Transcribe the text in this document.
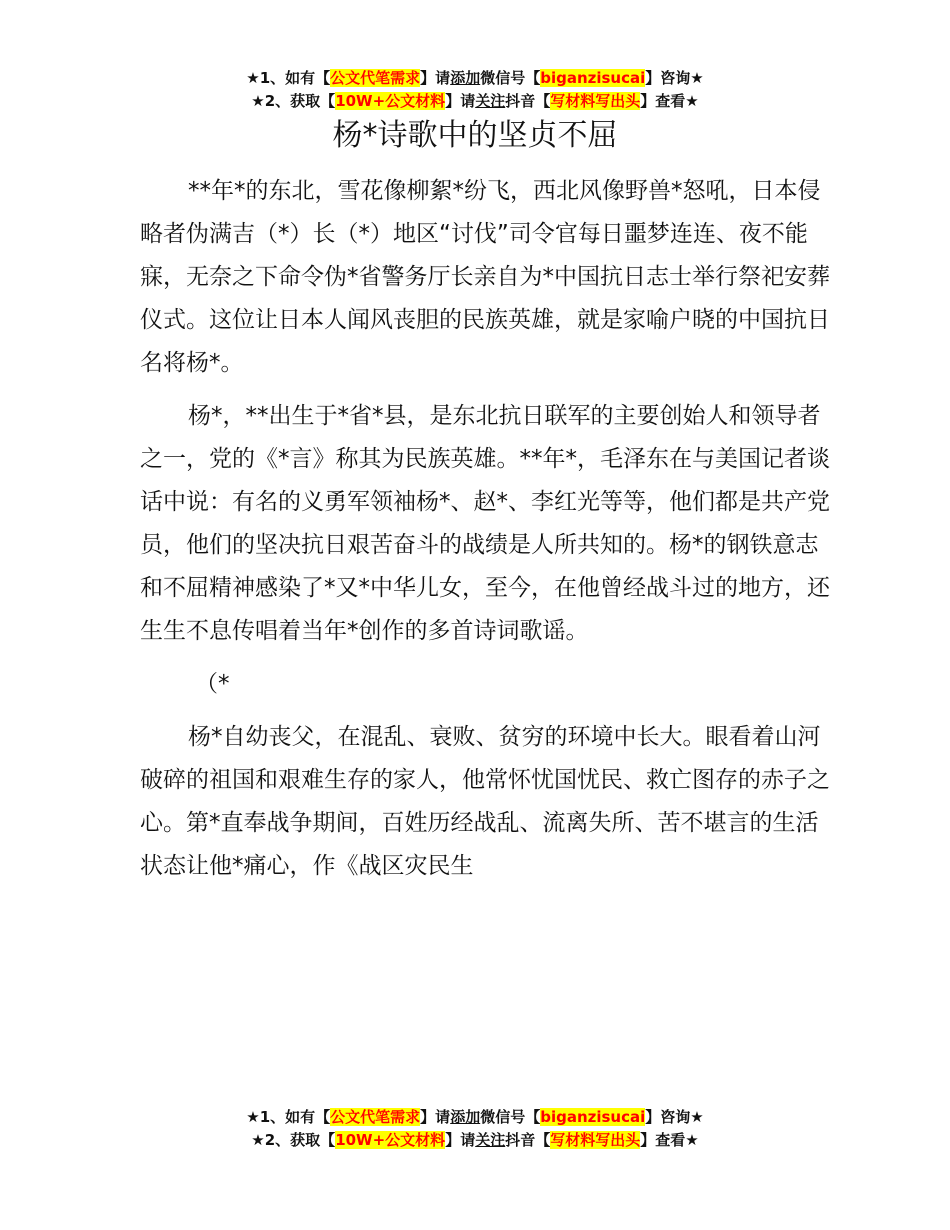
★1、如有【公文代笔需求】请添加微信号【biganzisucai】咨询★
★2、获取【10W+公文材料】请关注抖音【写材料写出头】查看★
杨*诗歌中的坚贞不屈

**年*的东北，雪花像柳絮*纷飞，西北风像野兽*怒吼，日本侵略者伪满吉（*）长（*）地区“讨伐”司令官每日噩梦连连、夜不能寐，无奈之下命令伪*省警务厅长亲自为*中国抗日志士举行祭祀安葬仪式。这位让日本人闻风丧胆的民族英雄，就是家喻户晓的中国抗日名将杨*。

杨*，**出生于*省*县，是东北抗日联军的主要创始人和领导者之一，党的《*言》称其为民族英雄。**年*，毛泽东在与美国记者谈话中说：有名的义勇军领袖杨*、赵*、李红光等等，他们都是共产党员，他们的坚决抗日艰苦奋斗的战绩是人所共知的。杨*的钢铁意志和不屈精神感染了*又*中华儿女，至今，在他曾经战斗过的地方，还生生不息传唱着当年*创作的多首诗词歌谣。

（*

杨*自幼丧父，在混乱、衰败、贫穷的环境中长大。眼看着山河破碎的祖国和艰难生存的家人，他常怀忧国忧民、救亡图存的赤子之心。第*直奉战争期间，百姓历经战乱、流离失所、苦不堪言的生活状态让他*痛心，作《战区灾民生

★1、如有【公文代笔需求】请添加微信号【biganzisucai】咨询★
★2、获取【10W+公文材料】请关注抖音【写材料写出头】查看★
